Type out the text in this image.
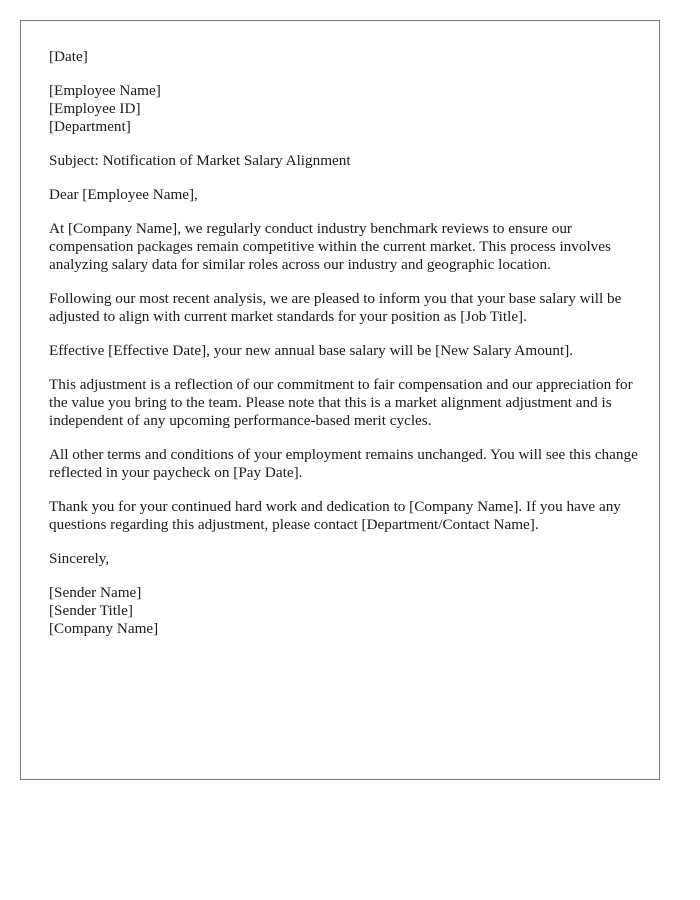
[Date]
[Employee Name]
[Employee ID]
[Department]
Subject: Notification of Market Salary Alignment
Dear [Employee Name],

At [Company Name], we regularly conduct industry benchmark reviews to ensure our compensation packages remain competitive within the current market. This process involves analyzing salary data for similar roles across our industry and geographic location.

Following our most recent analysis, we are pleased to inform you that your base salary will be adjusted to align with current market standards for your position as [Job Title].

Effective [Effective Date], your new annual base salary will be [New Salary Amount].

This adjustment is a reflection of our commitment to fair compensation and our appreciation for the value you bring to the team. Please note that this is a market alignment adjustment and is independent of any upcoming performance-based merit cycles.

All other terms and conditions of your employment remains unchanged. You will see this change reflected in your paycheck on [Pay Date].

Thank you for your continued hard work and dedication to [Company Name]. If you have any questions regarding this adjustment, please contact [Department/Contact Name].

Sincerely,
[Sender Name]
[Sender Title]
[Company Name]
